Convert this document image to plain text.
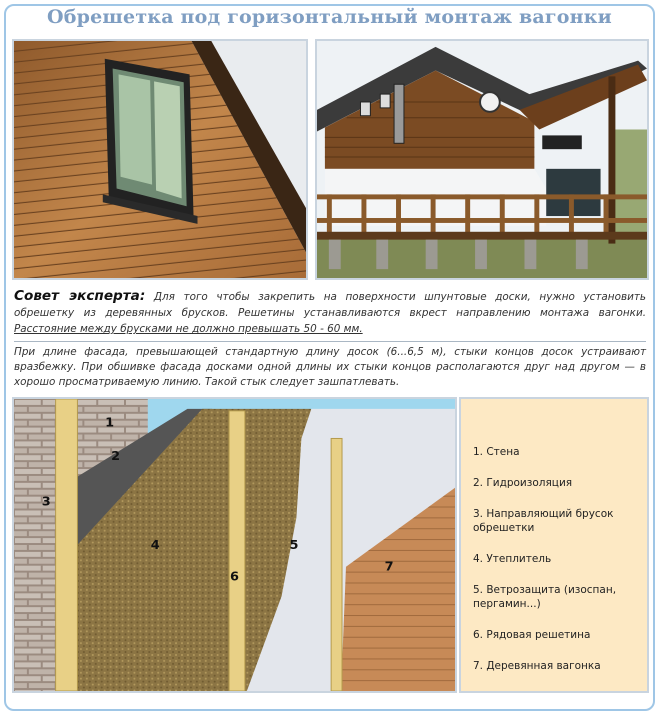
Обрешетка под горизонтальный монтаж вагонки
Совет эксперта: Для того чтобы закрепить на поверхности шпунтовые доски, нужно установить обрешетку из деревянных брусков. Решетины устанавливаются вкрест направлению монтажа вагонки. Расстояние между брусками не должно превышать 50 - 60 мм.
При длине фасада, превышающей стандартную длину досок (6...6,5 м), стыки концов досок устраивают вразбежку. При обшивке фасада досками одной длины их стыки концов располагаются друг над другом — в хорошо просматриваемую линию. Такой стык следует зашпатлевать.
1
2
3
4	5
6
7
1. Стена
2. Гидроизоляция
3. Направляющий брусок обрешетки
4. Утеплитель
5. Ветрозащита (изоспан, пергамин...)
6. Рядовая решетина
7. Деревянная вагонка
